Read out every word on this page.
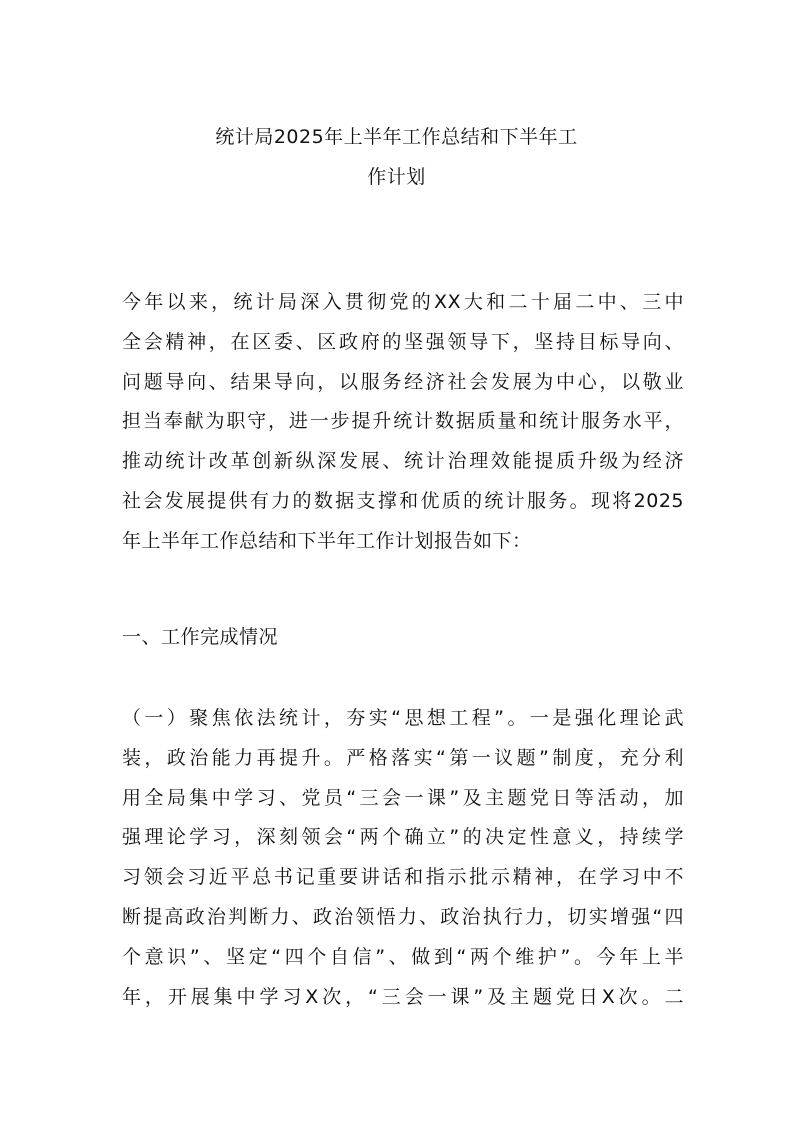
统计局2025年上半年工作总结和下半年工
作计划
今年以来，统计局深入贯彻党的XX大和二十届二中、三中
全会精神，在区委、区政府的坚强领导下，坚持目标导向、
问题导向、结果导向，以服务经济社会发展为中心，以敬业
担当奉献为职守，进一步提升统计数据质量和统计服务水平，
推动统计改革创新纵深发展、统计治理效能提质升级为经济
社会发展提供有力的数据支撑和优质的统计服务。现将2025
年上半年工作总结和下半年工作计划报告如下：
一、工作完成情况
（一）聚焦依法统计，夯实“思想工程”。一是强化理论武
装，政治能力再提升。严格落实“第一议题”制度，充分利
用全局集中学习、党员“三会一课”及主题党日等活动，加
强理论学习，深刻领会“两个确立”的决定性意义，持续学
习领会习近平总书记重要讲话和指示批示精神，在学习中不
断提高政治判断力、政治领悟力、政治执行力，切实增强“四
个意识”、坚定“四个自信”、做到“两个维护”。今年上半
年，开展集中学习X次，“三会一课”及主题党日X次。二
